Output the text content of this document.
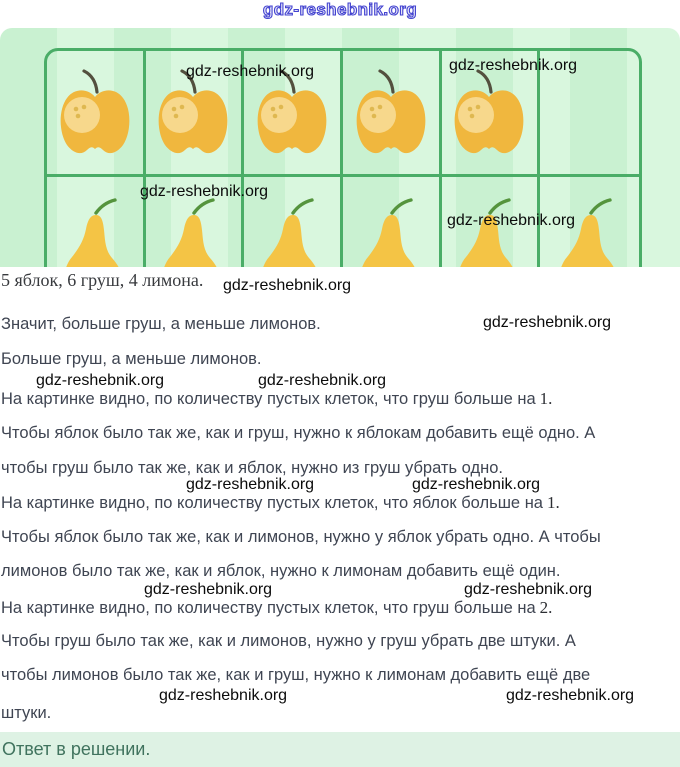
gdz-reshebnik.org
gdz-reshebnik.org	gdz-reshebnik.org
gdz-reshebnik.org
gdz-reshebnik.org
5 яблок, 6 груш, 4 лимона. gdz-reshebnik.org
Значит, больше груш, а меньше лимонов.	gdz-reshebnik.org
Больше груш, а меньше лимонов.
gdz-reshebnik.org	gdz-reshebnik.org
На картинке видно, по количеству пустых клеток, что груш больше на 1.
Чтобы яблок было так же, как и груш, нужно к яблокам добавить ещё одно. А
чтобы груш было так же, как и яблок, нужно из груш убрать одно.
gdz-reshebnik.org	gdz-reshebnik.org
На картинке видно, по количеству пустых клеток, что яблок больше на 1.
Чтобы яблок было так же, как и лимонов, нужно у яблок убрать одно. А чтобы
лимонов было так же, как и яблок, нужно к лимонам добавить ещё один.
gdz-reshebnik.org	gdz-reshebnik.org
На картинке видно, по количеству пустых клеток, что груш больше на 2.
Чтобы груш было так же, как и лимонов, нужно у груш убрать две штуки. А
чтобы лимонов было так же, как и груш, нужно к лимонам добавить ещё две
gdz-reshebnik.org	gdz-reshebnik.org
штуки.
Ответ в решении.
